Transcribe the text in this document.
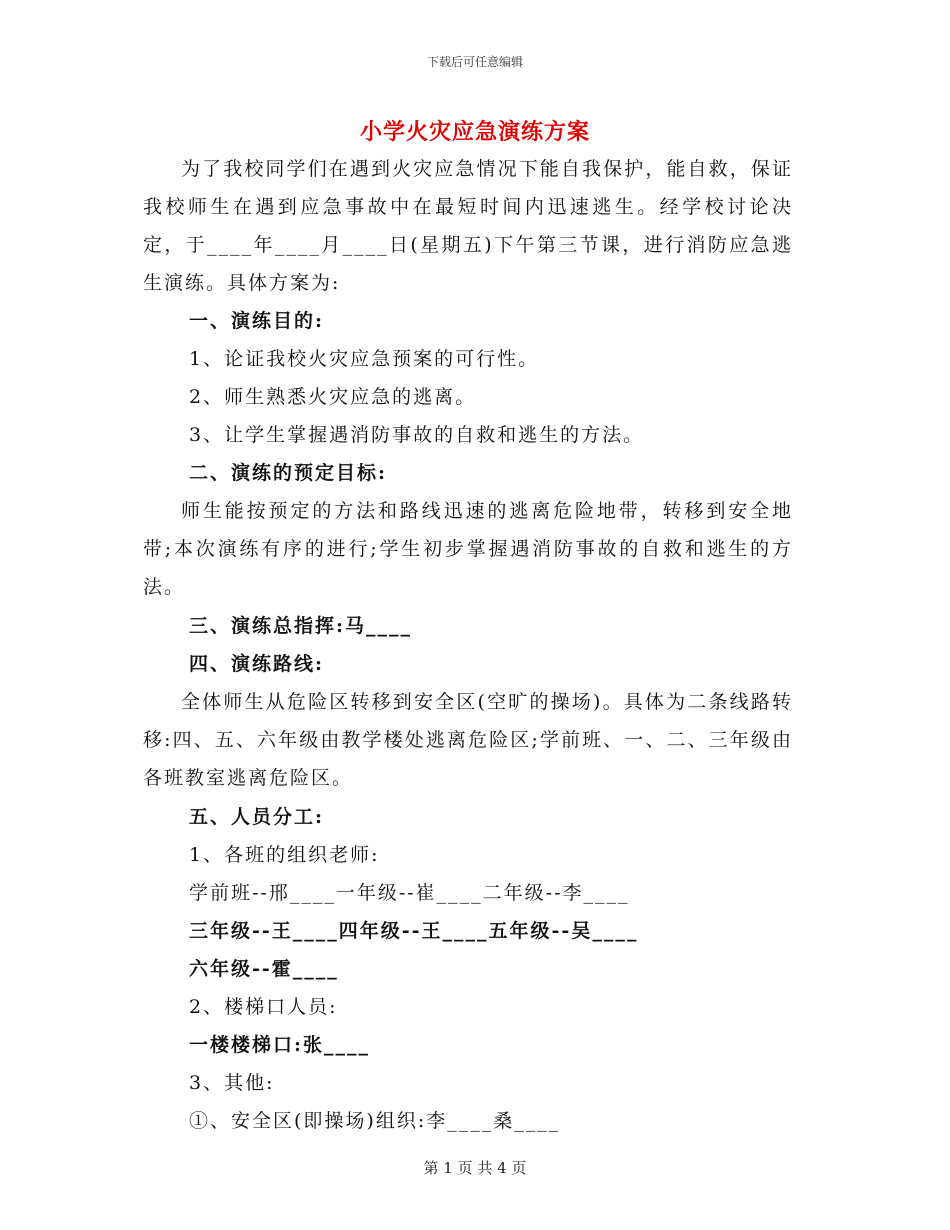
下载后可任意编辑
小学火灾应急演练方案
为了我校同学们在遇到火灾应急情况下能自我保护，能自救，保证我校师生在遇到应急事故中在最短时间内迅速逃生。经学校讨论决定，于____年____月____日(星期五)下午第三节课，进行消防应急逃生演练。具体方案为:
一、演练目的:
1、论证我校火灾应急预案的可行性。
2、师生熟悉火灾应急的逃离。
3、让学生掌握遇消防事故的自救和逃生的方法。
二、演练的预定目标:
师生能按预定的方法和路线迅速的逃离危险地带，转移到安全地带;本次演练有序的进行;学生初步掌握遇消防事故的自救和逃生的方法。
三、演练总指挥:马____
四、演练路线:
全体师生从危险区转移到安全区(空旷的操场)。具体为二条线路转移:四、五、六年级由教学楼处逃离危险区;学前班、一、二、三年级由各班教室逃离危险区。
五、人员分工:
1、各班的组织老师:
学前班--邢____一年级--崔____二年级--李____
三年级--王____四年级--王____五年级--吴____
六年级--霍____
2、楼梯口人员:
一楼楼梯口:张____
3、其他:
①、安全区(即操场)组织:李____桑____
第 1 页 共 4 页
